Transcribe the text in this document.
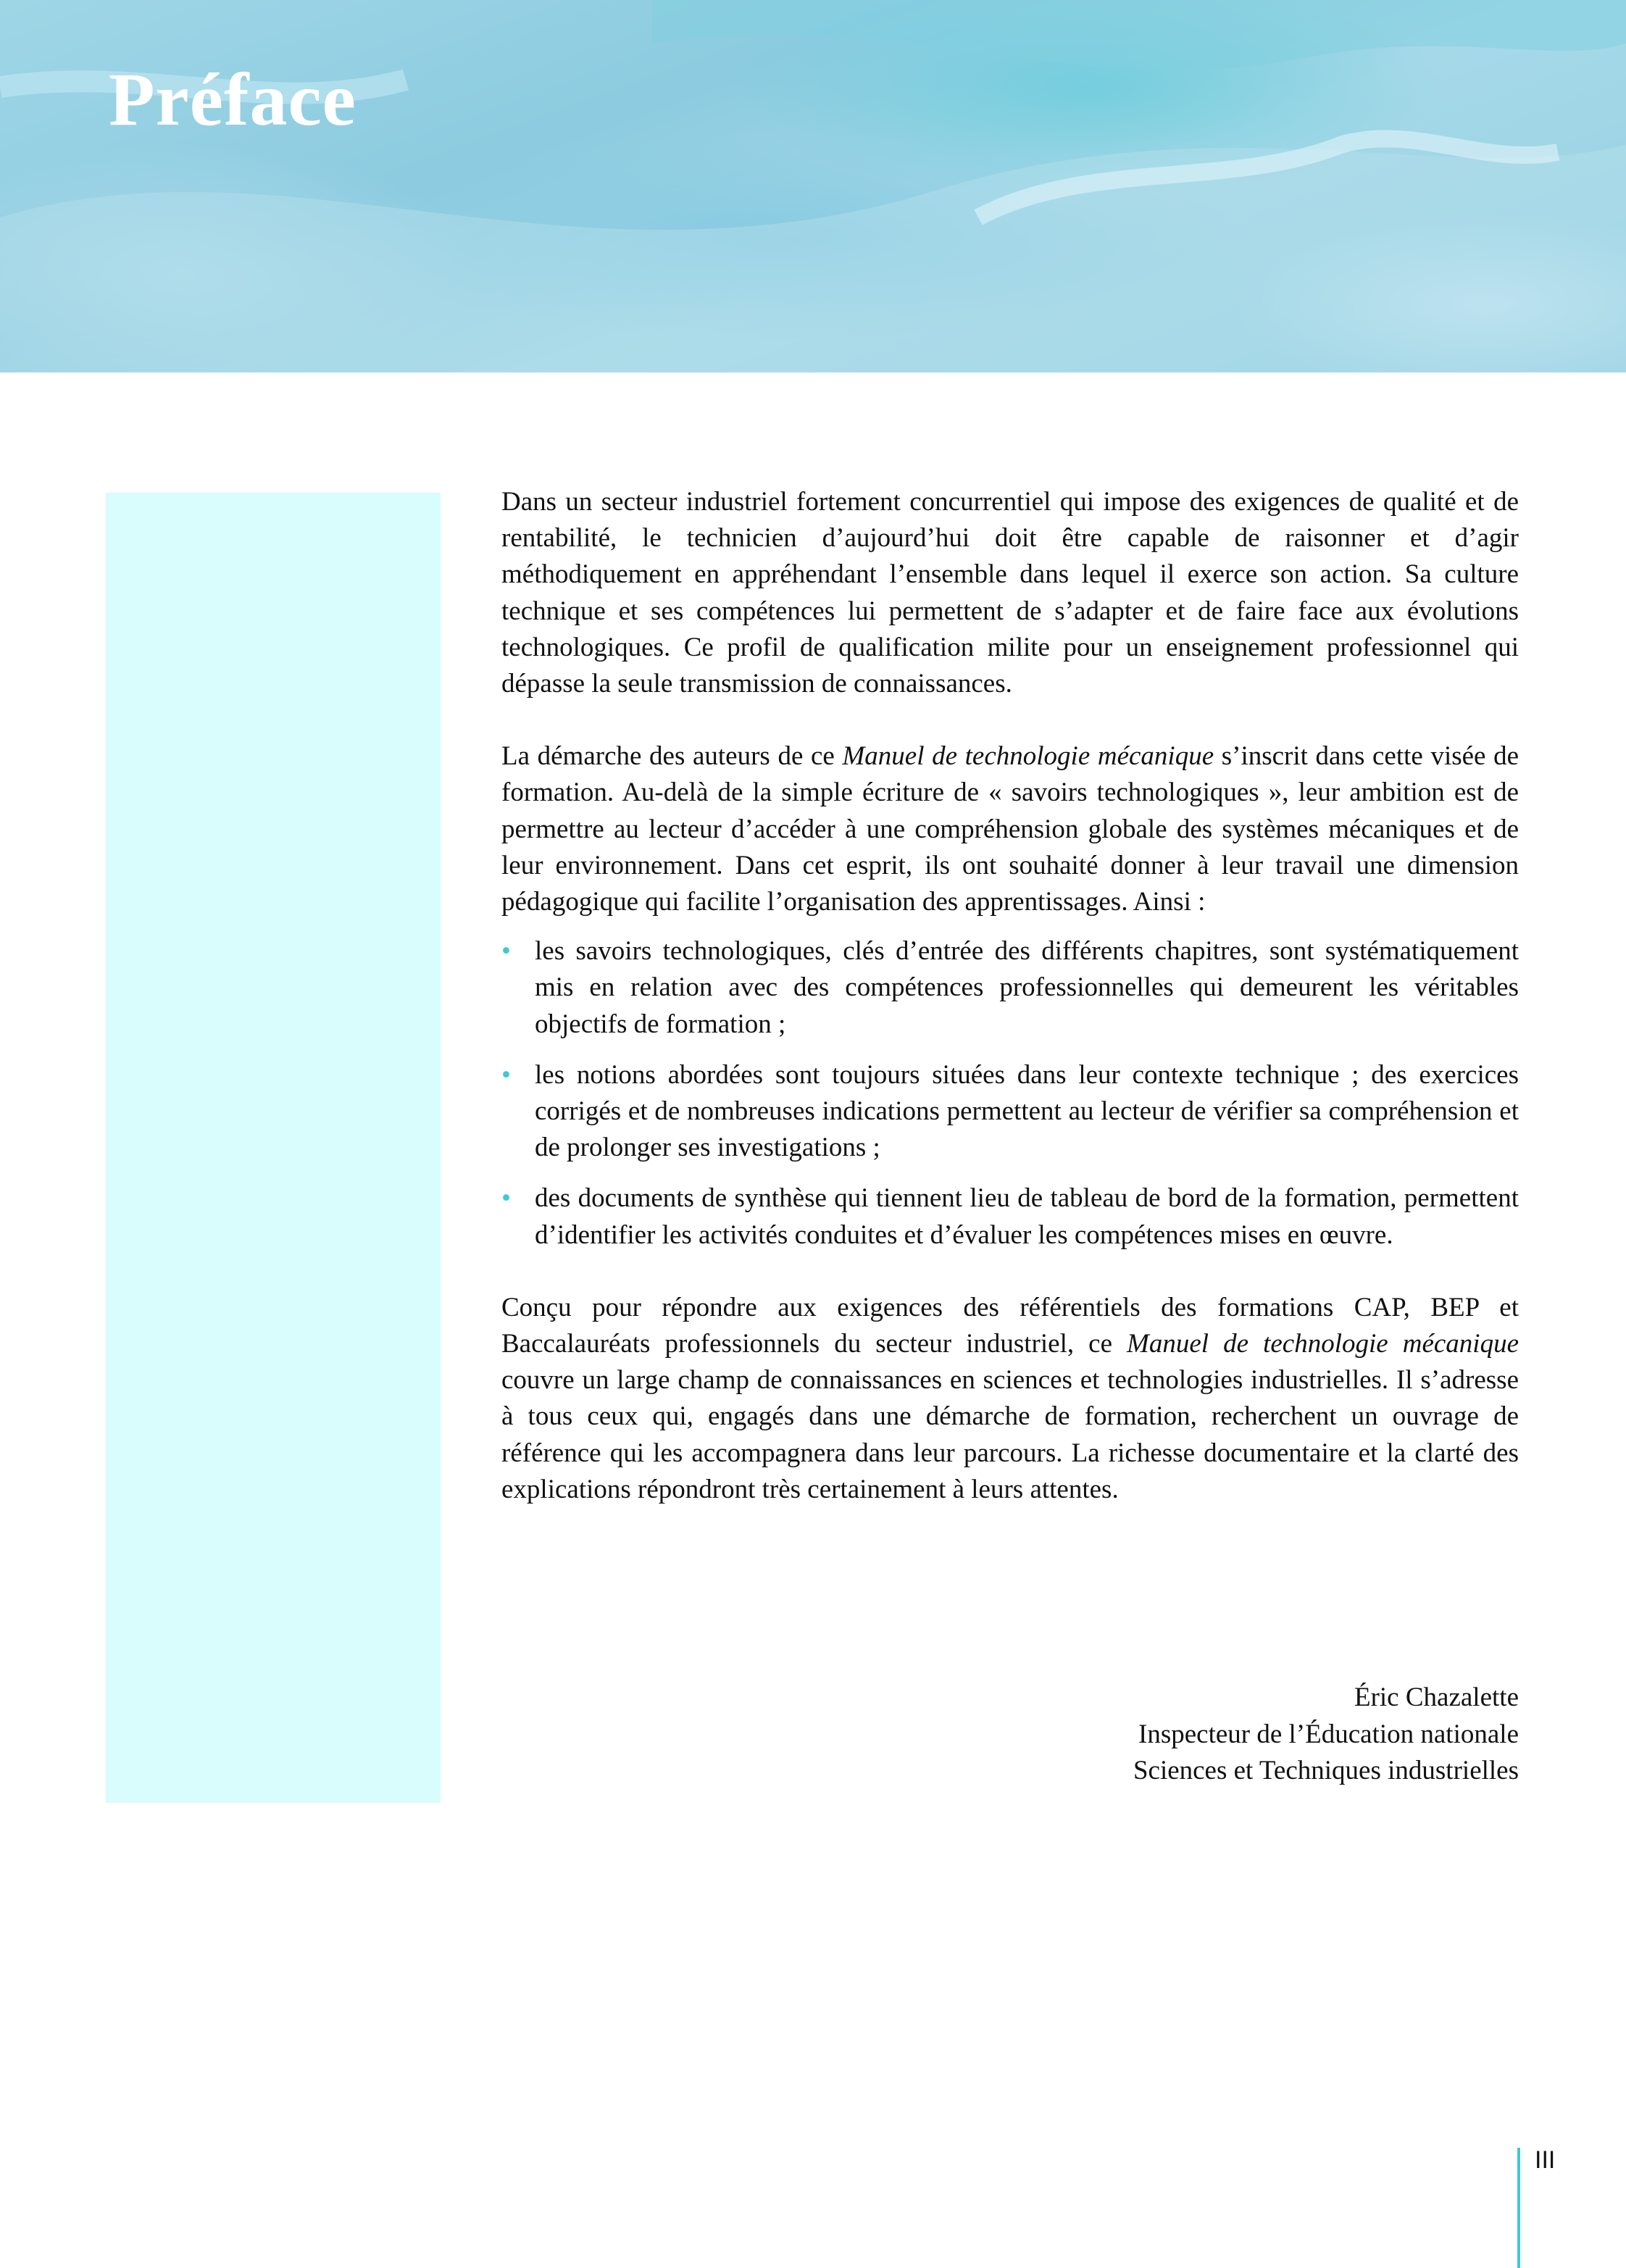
Préface

Dans un secteur industriel fortement concurrentiel qui impose des exigences de qualité et de rentabilité, le technicien d’aujourd’hui doit être capable de raisonner et d’agir méthodiquement en appréhendant l’ensemble dans lequel il exerce son action. Sa culture technique et ses compétences lui permettent de s’adapter et de faire face aux évolutions technologiques. Ce profil de qualification milite pour un enseignement professionnel qui dépasse la seule transmission de connaissances.

La démarche des auteurs de ce Manuel de technologie mécanique s’inscrit dans cette visée de formation. Au-delà de la simple écriture de « savoirs technologiques », leur ambition est de permettre au lecteur d’accéder à une compréhension globale des systèmes mécaniques et de leur environnement. Dans cet esprit, ils ont souhaité donner à leur travail une dimension pédagogique qui facilite l’organisation des apprentissages. Ainsi :

• les savoirs technologiques, clés d’entrée des différents chapitres, sont systématiquement mis en relation avec des compétences professionnelles qui demeurent les véritables objectifs de formation ;
• les notions abordées sont toujours situées dans leur contexte technique ; des exercices corrigés et de nombreuses indications permettent au lecteur de vérifier sa compréhension et de prolonger ses investigations ;
• des documents de synthèse qui tiennent lieu de tableau de bord de la formation, permettent d’identifier les activités conduites et d’évaluer les compétences mises en œuvre.

Conçu pour répondre aux exigences des référentiels des formations CAP, BEP et Baccalauréats professionnels du secteur industriel, ce Manuel de technologie mécanique couvre un large champ de connaissances en sciences et technologies industrielles. Il s’adresse à tous ceux qui, engagés dans une démarche de formation, recherchent un ouvrage de référence qui les accompagnera dans leur parcours. La richesse documentaire et la clarté des explications répondront très certainement à leurs attentes.

Éric Chazalette
Inspecteur de l’Éducation nationale
Sciences et Techniques industrielles
III
